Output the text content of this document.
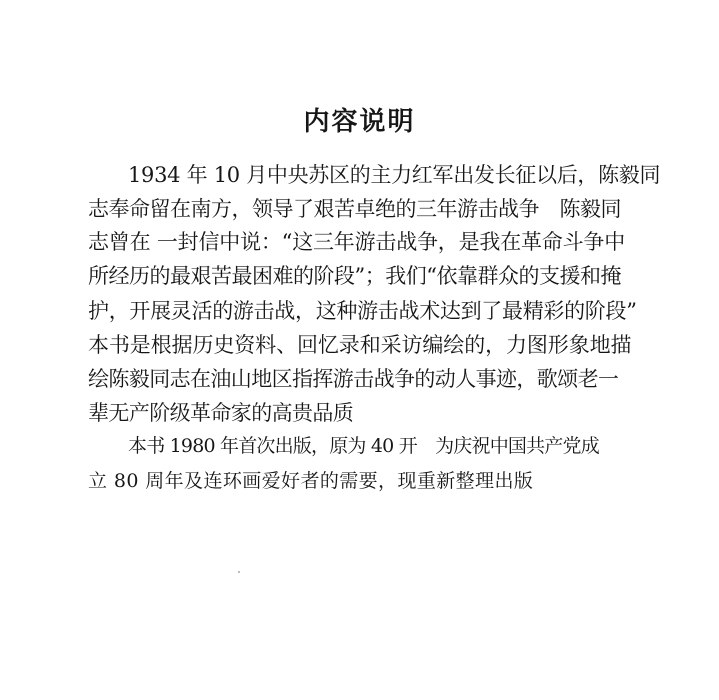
内容说明
1934 年 10 月中央苏区的主力红军出发长征以后，陈毅同
志奉命留在南方，领导了艰苦卓绝的三年游击战争　陈毅同
志曾在 一封信中说：“这三年游击战争，是我在革命斗争中
所经历的最艰苦最困难的阶段”；我们“依靠群众的支援和掩
护，开展灵活的游击战，这种游击战术达到了最精彩的阶段”
本书是根据历史资料、回忆录和采访编绘的，力图形象地描
绘陈毅同志在油山地区指挥游击战争的动人事迹，歌颂老一
辈无产阶级革命家的高贵品质
本书 1980 年首次出版，原为 40 开　为庆祝中国共产党成
立 80 周年及连环画爱好者的需要，现重新整理出版
